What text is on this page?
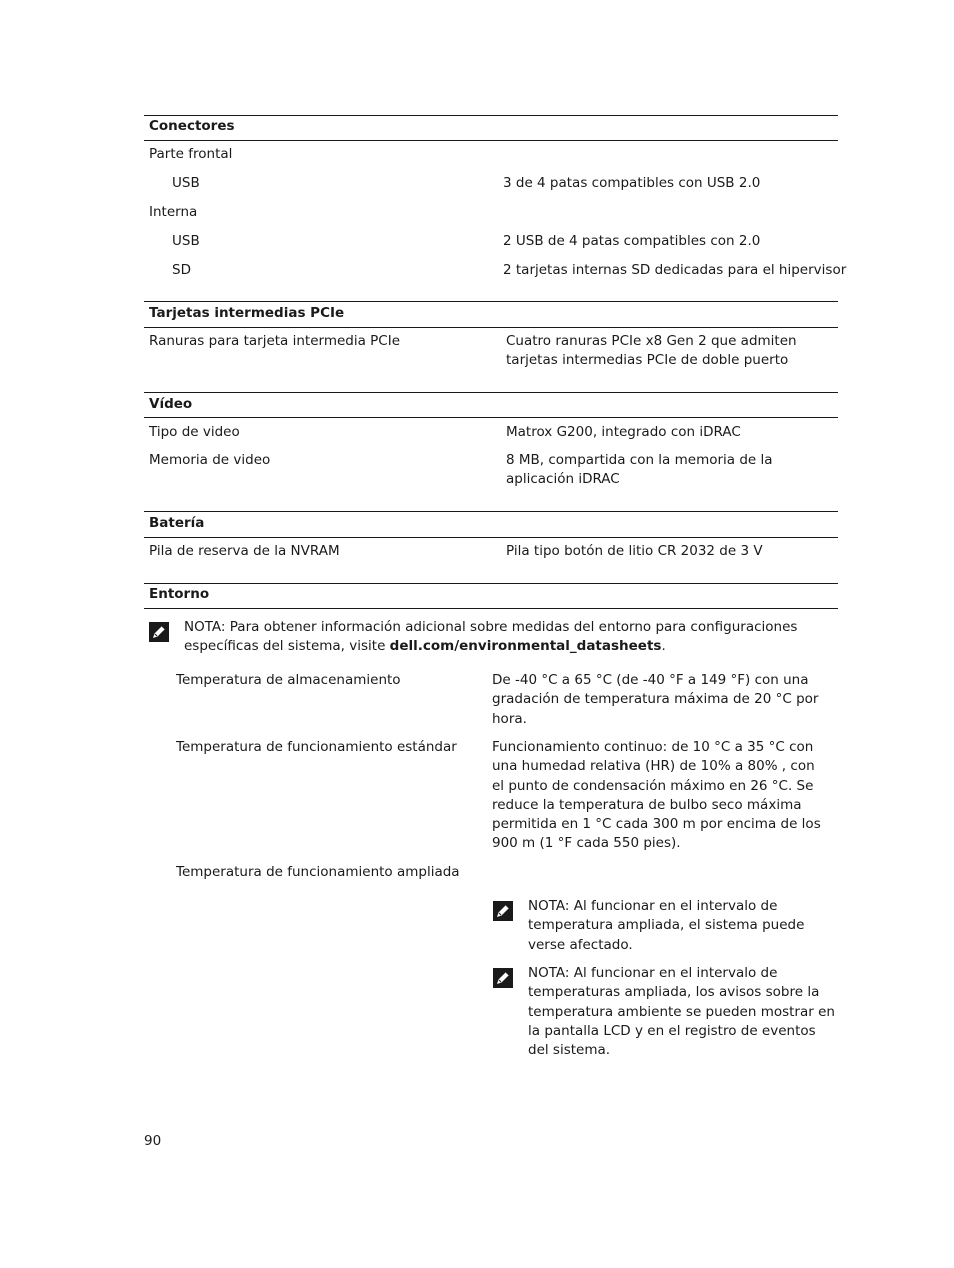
Conectores
Parte frontal
USB	3 de 4 patas compatibles con USB 2.0
Interna
USB	2 USB de 4 patas compatibles con 2.0
SD	2 tarjetas internas SD dedicadas para el hipervisor
Tarjetas intermedias PCIe
Ranuras para tarjeta intermedia PCIe	Cuatro ranuras PCIe x8 Gen 2 que admiten tarjetas intermedias PCIe de doble puerto
Vídeo
Tipo de video	Matrox G200, integrado con iDRAC
Memoria de video	8 MB, compartida con la memoria de la aplicación iDRAC
Batería
Pila de reserva de la NVRAM	Pila tipo botón de litio CR 2032 de 3 V
Entorno
NOTA: Para obtener información adicional sobre medidas del entorno para configuraciones específicas del sistema, visite dell.com/environmental_datasheets.
Temperatura de almacenamiento	De -40 °C a 65 °C (de -40 °F a 149 °F) con una gradación de temperatura máxima de 20 °C por hora.
Temperatura de funcionamiento estándar	Funcionamiento continuo: de 10 °C a 35 °C con una humedad relativa (HR) de 10% a 80% , con el punto de condensación máximo en 26 °C. Se reduce la temperatura de bulbo seco máxima permitida en 1 °C cada 300 m por encima de los 900 m (1 °F cada 550 pies).
Temperatura de funcionamiento ampliada
NOTA: Al funcionar en el intervalo de temperatura ampliada, el sistema puede verse afectado.
NOTA: Al funcionar en el intervalo de temperaturas ampliada, los avisos sobre la temperatura ambiente se pueden mostrar en la pantalla LCD y en el registro de eventos del sistema.
90
